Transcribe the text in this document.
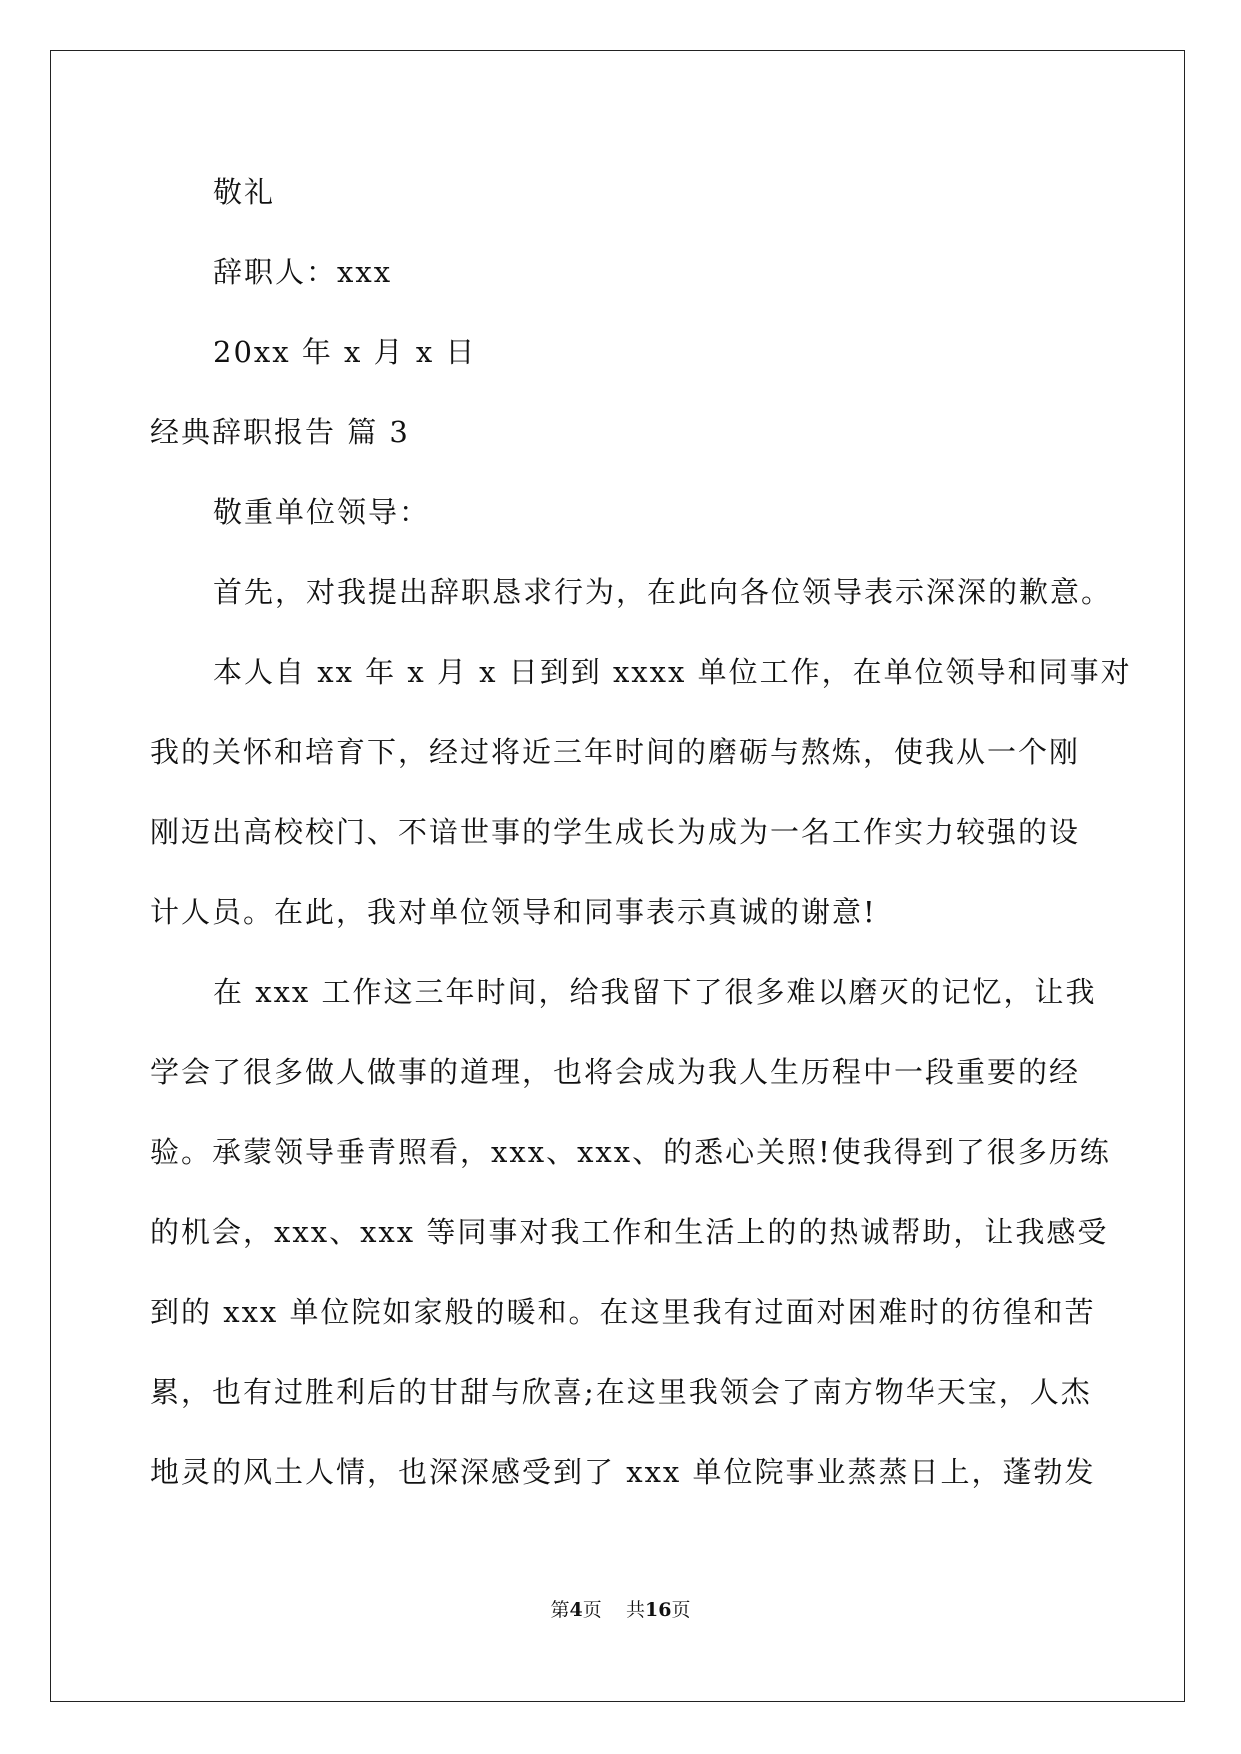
敬礼
辞职人：xxx
20xx 年 x 月 x 日
经典辞职报告 篇 3
敬重单位领导：
首先，对我提出辞职恳求行为，在此向各位领导表示深深的歉意。
本人自 xx 年 x 月 x 日到到 xxxx 单位工作，在单位领导和同事对
我的关怀和培育下，经过将近三年时间的磨砺与熬炼，使我从一个刚
刚迈出高校校门、不谙世事的学生成长为成为一名工作实力较强的设
计人员。在此，我对单位领导和同事表示真诚的谢意!
在 xxx 工作这三年时间，给我留下了很多难以磨灭的记忆，让我
学会了很多做人做事的道理，也将会成为我人生历程中一段重要的经
验。承蒙领导垂青照看，xxx、xxx、的悉心关照!使我得到了很多历练
的机会，xxx、xxx 等同事对我工作和生活上的的热诚帮助，让我感受
到的 xxx 单位院如家般的暖和。在这里我有过面对困难时的彷徨和苦
累，也有过胜利后的甘甜与欣喜;在这里我领会了南方物华天宝，人杰
地灵的风土人情，也深深感受到了 xxx 单位院事业蒸蒸日上，蓬勃发
第4页 共16页
